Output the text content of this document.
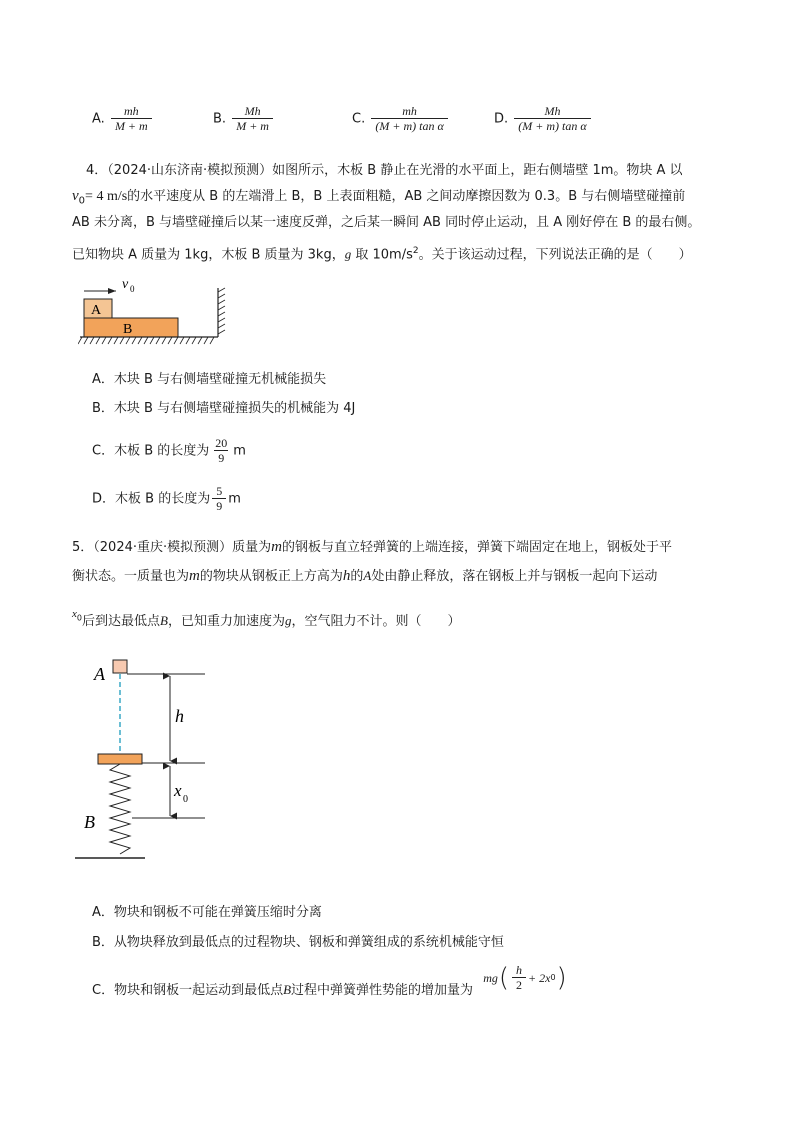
A. $\frac{mh}{M + m}$	B. $\frac{Mh}{M + m}$	C. $\frac{mh}{\text{(M + m) tan α}}$	D. $\frac{Mh}{\text{(M + m) tan α}}$
4．（2024·山东济南·模拟预测）如图所示，木板 B 静止在光滑的水平面上，距右侧墙壁 1m。物块 A 以
$v_0= 4$ m/s的水平速度从 B 的左端滑上 B，B 上表面粗糙，AB 之间动摩擦因数为 0.3。B 与右侧墙壁碰撞前
AB 未分离，B 与墙壁碰撞后以某一速度反弹，之后某一瞬间 AB 同时停止运动，且 A 刚好停在 B 的最右侧。
已知物块 A 质量为 1kg，木板 B 质量为 3kg，g 取 $10m/s^2$。关于该运动过程，下列说法正确的是（　　）
v 0
A
B
A．木块 B 与右侧墙壁碰撞无机械能损失
B．木块 B 与右侧墙壁碰撞损失的机械能为 4J
C．木板 B 的长度为 $\frac{20}{9}$ m
D．木板 B 的长度为 $\frac{5}{9}$ m
5．（2024·重庆·模拟预测）质量为m的钢板与直立轻弹簧的上端连接，弹簧下端固定在地上，钢板处于平
衡状态。一质量也为m的物块从钢板正上方高为h的A处由静止释放，落在钢板上并与钢板一起向下运动
$x_0$后到达最低点B，已知重力加速度为g，空气阻力不计。则（　　）
A
B
h
x 0
A．物块和钢板不可能在弹簧压缩时分离
B．从物块释放到最低点的过程物块、钢板和弹簧组成的系统机械能守恒
C．物块和钢板一起运动到最低点B过程中弹簧弹性势能的增加量为
mg ( $\frac{h}{2} + 2x$ 0 )
